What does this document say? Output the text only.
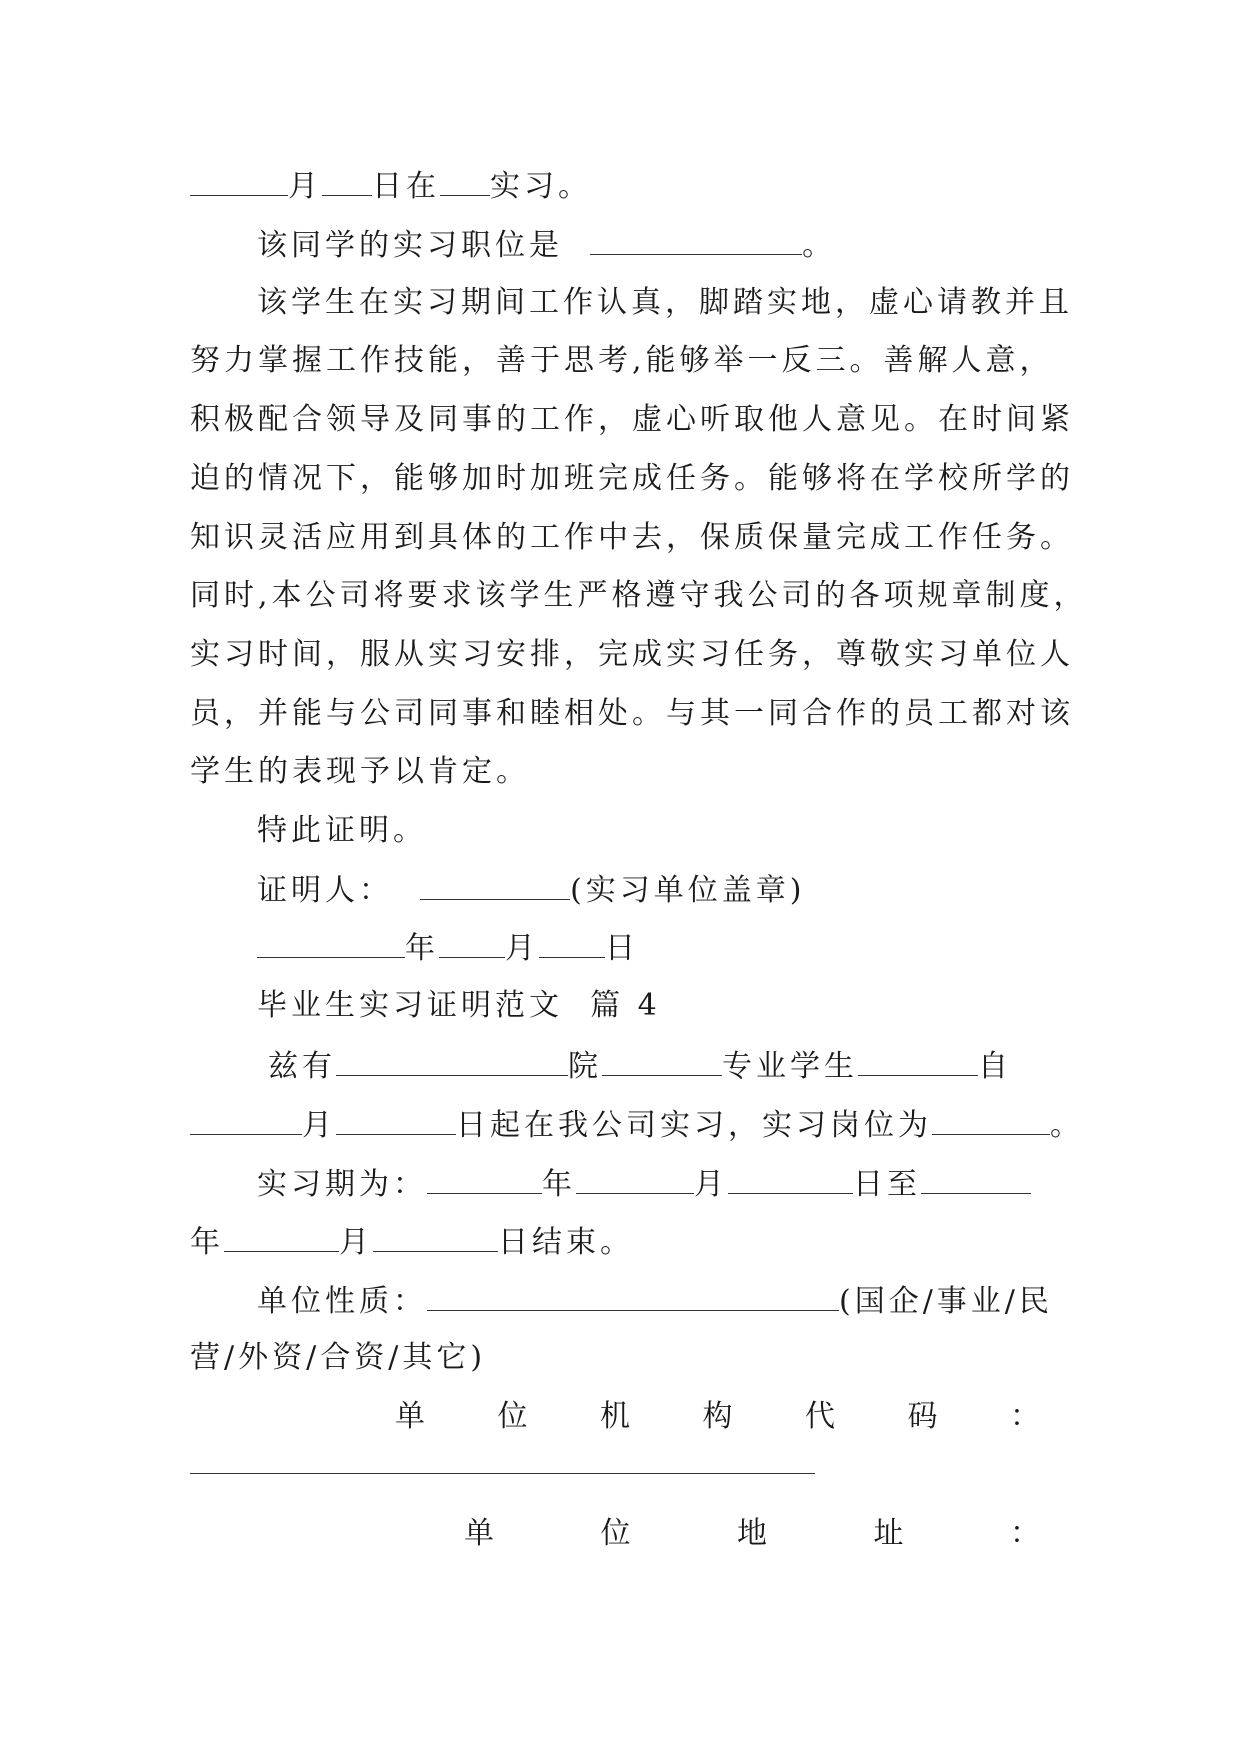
月 日在 实习。
该同学的实习职位是	。
该学生在实习期间工作认真，脚踏实地，虚心请教并且
努力掌握工作技能，善于思考,能够举一反三。善解人意，
积极配合领导及同事的工作，虚心听取他人意见。在时间紧
迫的情况下，能够加时加班完成任务。能够将在学校所学的
知识灵活应用到具体的工作中去，保质保量完成工作任务。
同时,本公司将要求该学生严格遵守我公司的各项规章制度，
实习时间，服从实习安排，完成实习任务，尊敬实习单位人
员，并能与公司同事和睦相处。与其一同合作的员工都对该
学生的表现予以肯定。
特此证明。
证明人：	(实习单位盖章)
年 月 日
毕业生实习证明范文  篇 4
兹有	院	专业学生	自
月	日起在我公司实习，实习岗位为	。
实习期为：	年	月	日至
年	月	日结束。
单位性质：	(国企/事业/民
营/外资/合资/其它)
单 位 机 构 代 码 ：
单	位	地	址	：
